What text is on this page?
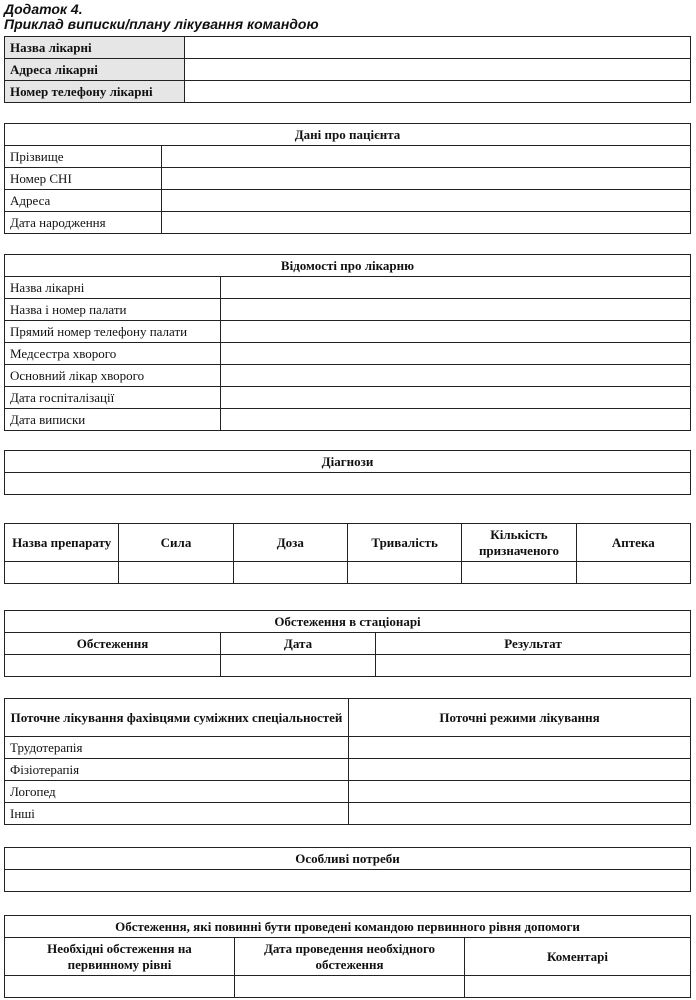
Додаток 4.
Приклад виписки/плану лікування командою
Назва лікарні	
Адреса лікарні	
Номер телефону лікарні	
Дані про пацієнта	
Прізвище	
Номер СНІ	
Адреса	
Дата народження	
Відомості про лікарню	
Назва лікарні	
Назва і номер палати	
Прямий номер телефону палати	
Медсестра хворого	
Основний лікар хворого	
Дата госпіталізації	
Дата виписки	
Діагнози

Назва препарату	Сила	Доза	Тривалість	Кількість призначеного	Аптека

Обстеження в стаціонарі		
Обстеження	Дата	Результат

Поточне лікування фахівцями суміжних спеціальностей	Поточні режими лікування
Трудотерапія	
Фізіотерапія	
Логопед	
Інші	
Особливі потреби

Обстеження, які повинні бути проведені командою первинного рівня допомоги		
Необхідні обстеження на первинному рівні	Дата проведення необхідного обстеження	Коментарі
